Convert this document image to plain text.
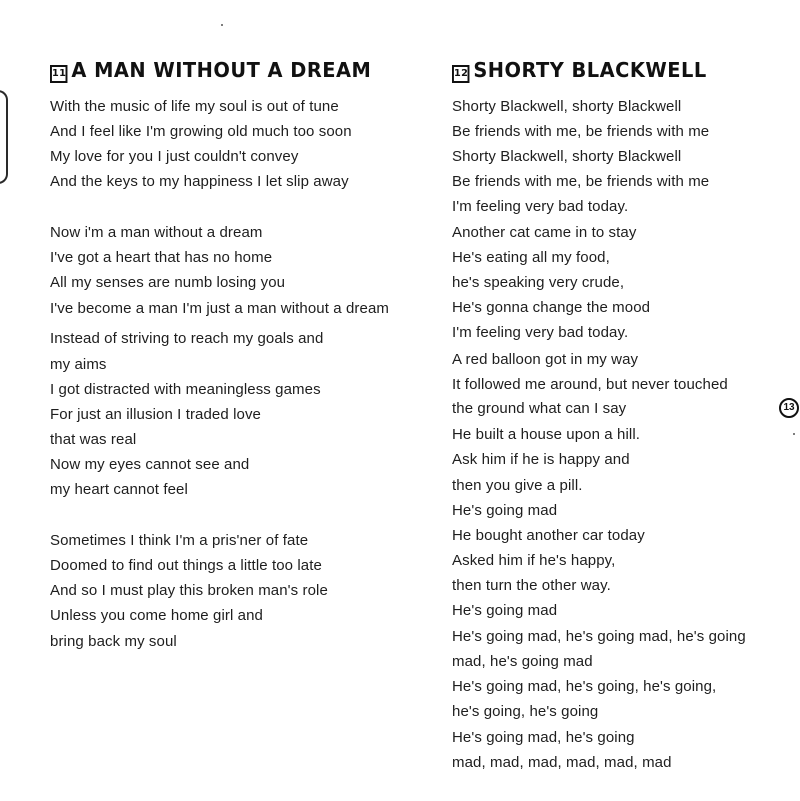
11 A MAN WITHOUT A DREAM
With the music of life my soul is out of tune
And I feel like I'm growing old much too soon
My love for you I just couldn't convey
And the keys to my happiness I let slip away
Now i'm a man without a dream
I've got a heart that has no home
All my senses are numb losing you
I've become a man I'm just a man without a dream
Instead of striving to reach my goals and
my aims
I got distracted with meaningless games
For just an illusion I traded love
that was real
Now my eyes cannot see and
my heart cannot feel
Sometimes I think I'm a pris'ner of fate
Doomed to find out things a little too late
And so I must play this broken man's role
Unless you come home girl and
bring back my soul
12 SHORTY BLACKWELL
Shorty Blackwell, shorty Blackwell
Be friends with me, be friends with me
Shorty Blackwell, shorty Blackwell
Be friends with me, be friends with me
I'm feeling very bad today.
Another cat came in to stay
He's eating all my food,
he's speaking very crude,
He's gonna change the mood
I'm feeling very bad today.
A red balloon got in my way
It followed me around, but never touched
the ground what can I say
He built a house upon a hill.
Ask him if he is happy and
then you give a pill.
He's going mad
He bought another car today
Asked him if he's happy,
then turn the other way.
He's going mad
He's going mad, he's going mad, he's going
mad, he's going mad
He's going mad, he's going, he's going,
he's going, he's going
He's going mad, he's going
mad, mad, mad, mad, mad, mad
13
